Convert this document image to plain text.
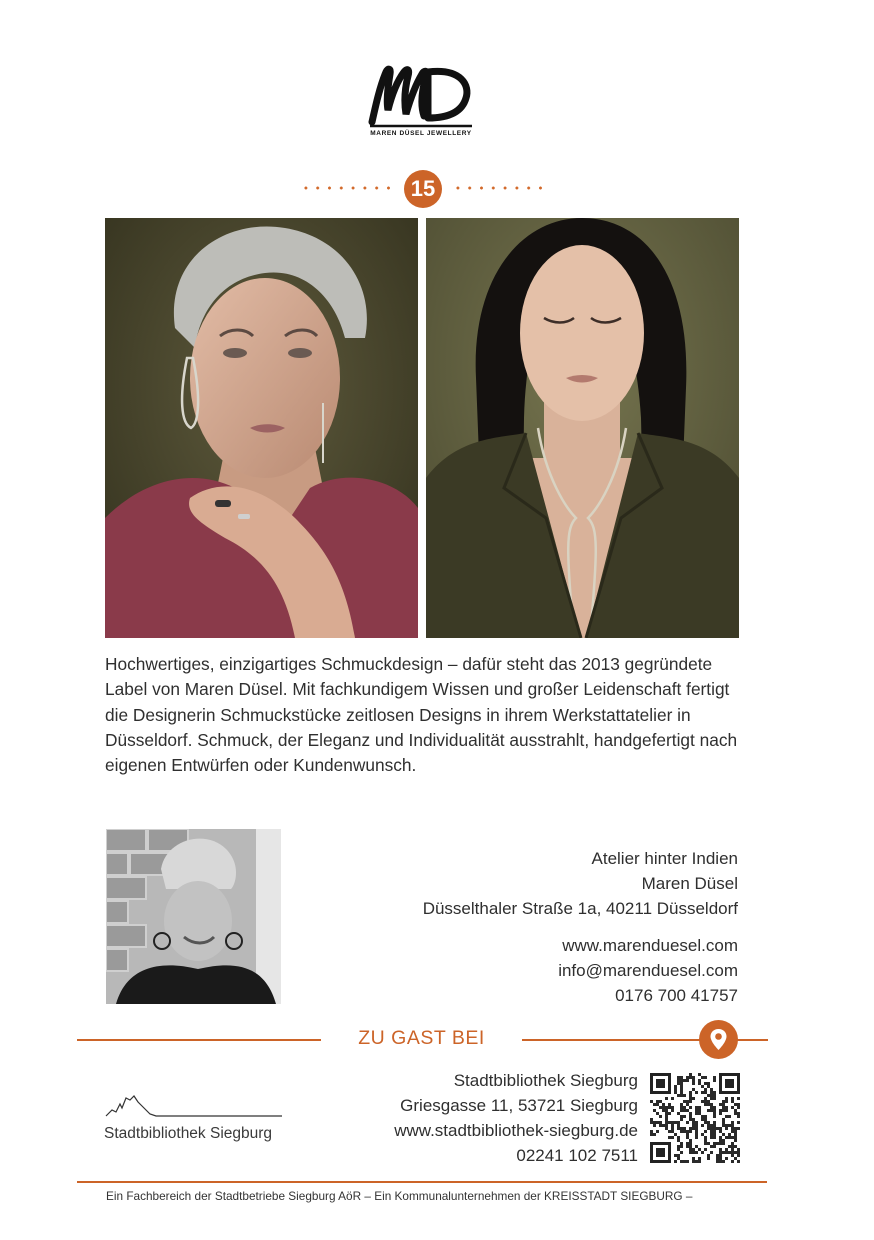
MAREN DÜSEL JEWELLERY
15
Hochwertiges, einzigartiges Schmuckdesign – dafür steht das 2013 gegründete Label von Maren Düsel. Mit fachkundigem Wissen und großer Leidenschaft fertigt die Designerin Schmuckstücke zeitlosen Designs in ihrem Werkstattatelier in Düsseldorf. Schmuck, der Eleganz und Individualität ausstrahlt, handgefertigt nach eigenen Entwürfen oder Kundenwunsch.
Atelier hinter Indien
Maren Düsel
Düsselthaler Straße 1a, 40211 Düsseldorf
www.marenduesel.com
info@marenduesel.com
0176 700 41757
ZU GAST BEI
Stadtbibliothek Siegburg
Stadtbibliothek Siegburg
Griesgasse 11, 53721 Siegburg
www.stadtbibliothek-siegburg.de
02241 102 7511
Ein Fachbereich der Stadtbetriebe Siegburg AöR – Ein Kommunalunternehmen der KREISSTADT SIEGBURG –
